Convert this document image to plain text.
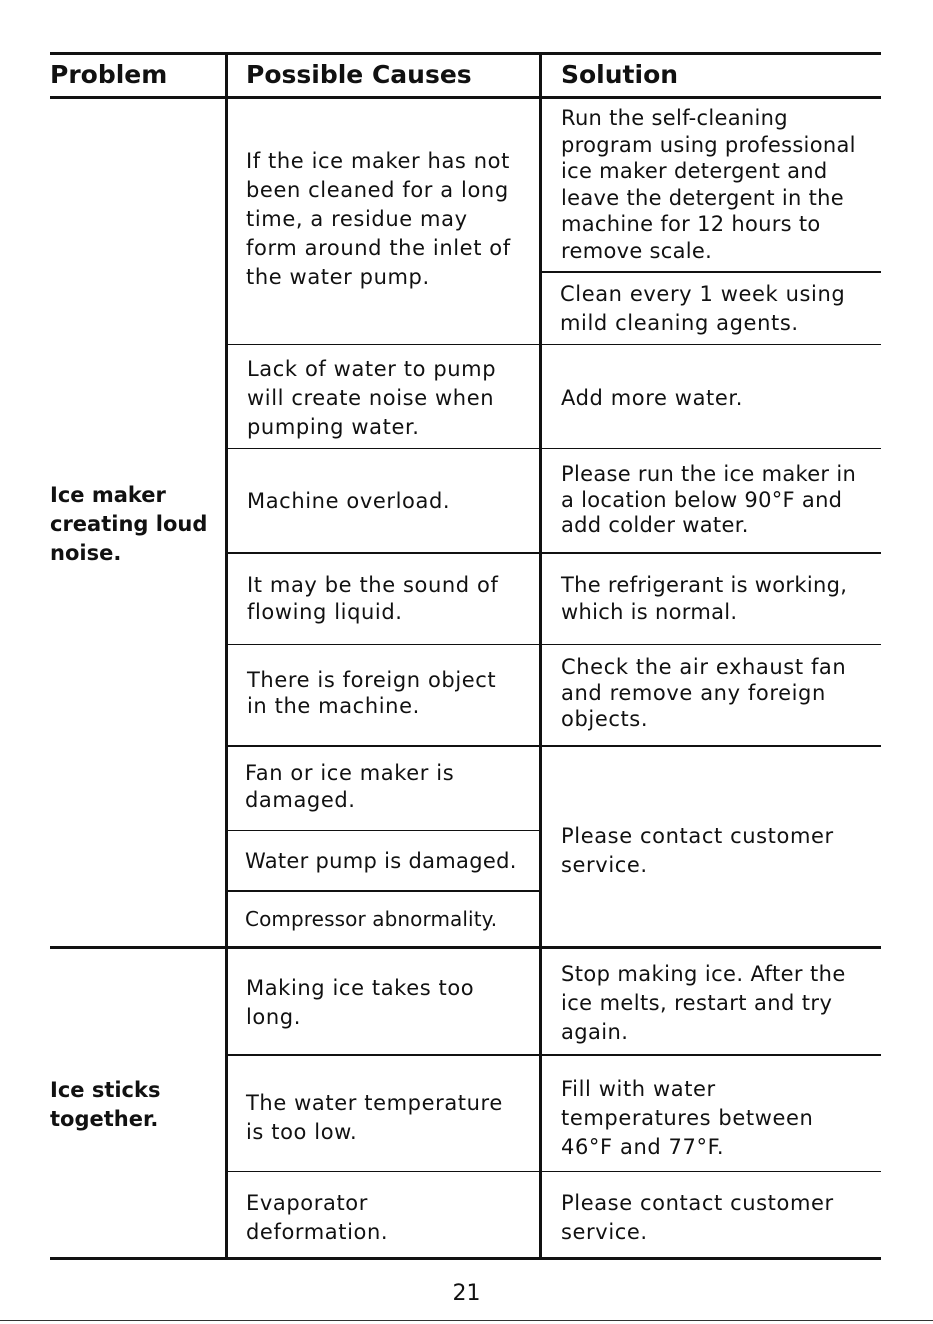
Problem	Possible Causes	Solution
Ice maker
creating loud
noise.
Ice sticks
together.
If the ice maker has not
been cleaned for a long
time, a residue may
form around the inlet of
the water pump.
Lack of water to pump
will create noise when
pumping water.
Machine overload.
It may be the sound of
flowing liquid.
There is foreign object
in the machine.
Fan or ice maker is
damaged.
Water pump is damaged.
Compressor abnormality.
Run the self-cleaning
program using professional
ice maker detergent and
leave the detergent in the
machine for 12 hours to
remove scale.
Clean every 1 week using
mild cleaning agents.
Add more water.
Please run the ice maker in
a location below 90°F and
add colder water.
The refrigerant is working,
which is normal.
Check the air exhaust fan
and remove any foreign
objects.
Please contact customer
service.
Making ice takes too
long.
The water temperature
is too low.
Evaporator
deformation.
Stop making ice. After the
ice melts, restart and try
again.
Fill with water
temperatures between
46°F and 77°F.
Please contact customer
service.
21
